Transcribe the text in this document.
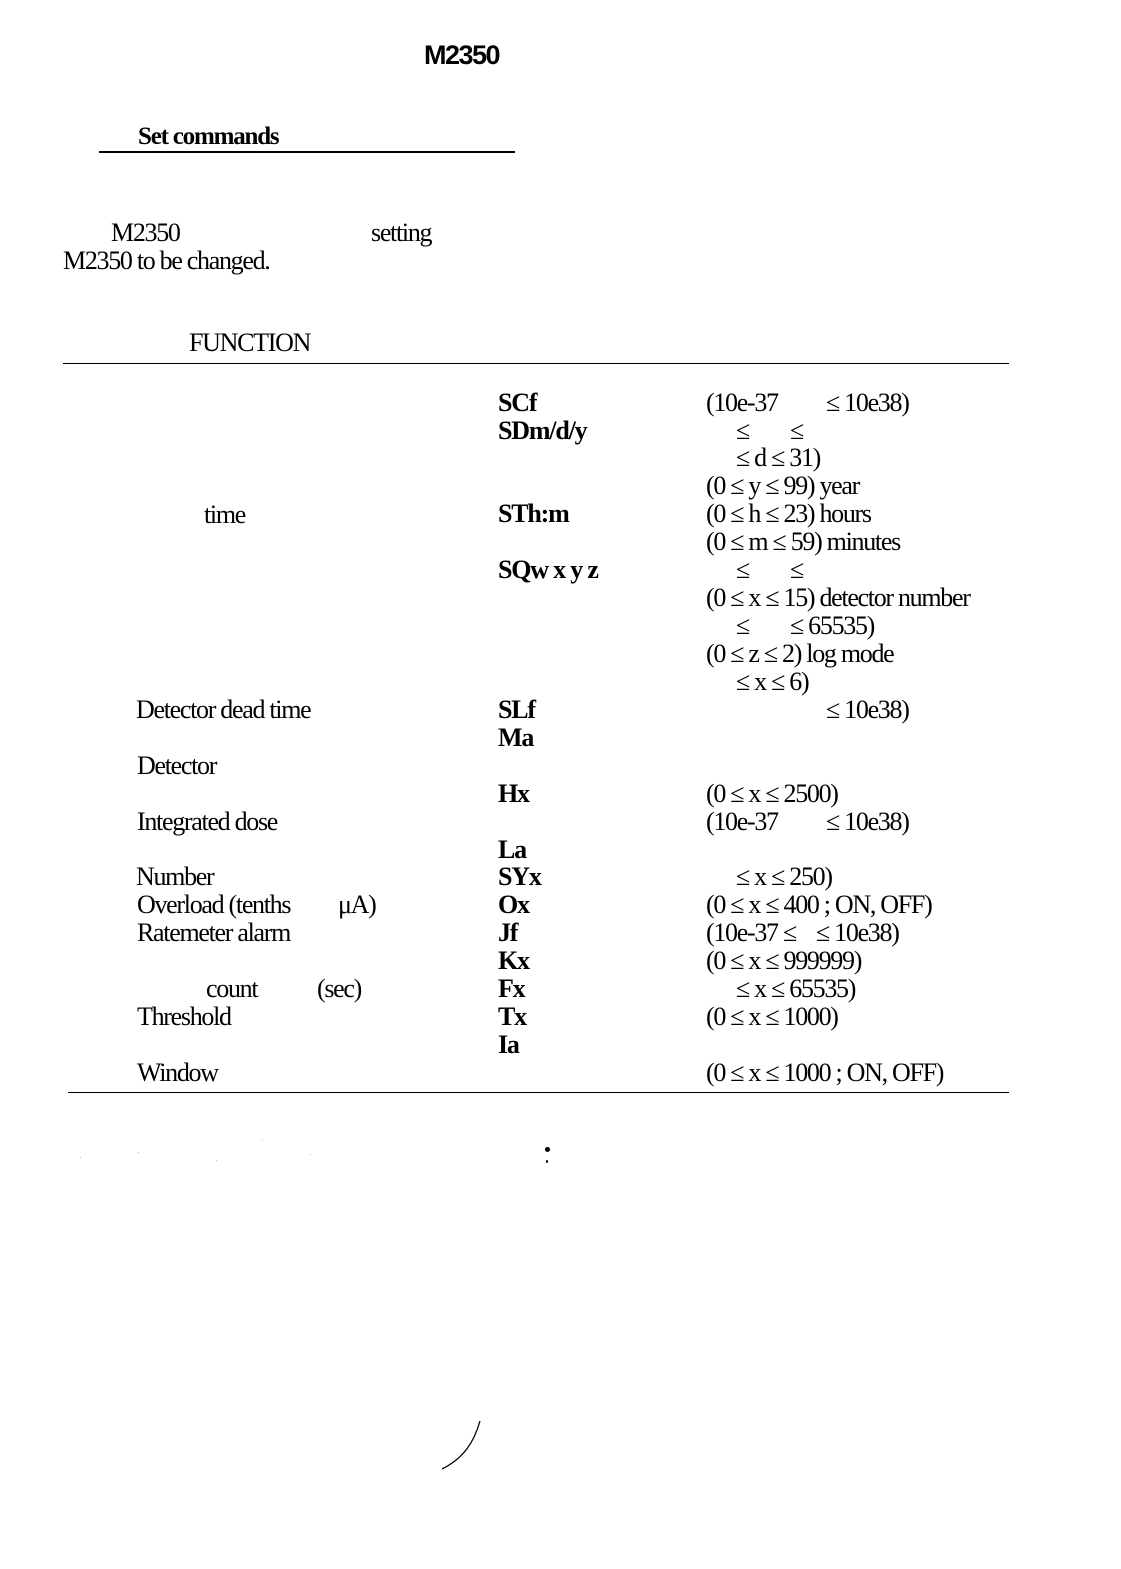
M2350
Set commands
M2350	setting
M2350 to be changed.
FUNCTION
time
Detector dead time
Detector
Integrated dose
Number
Overload (tenths μA)
Ratemeter alarm
count (sec)
Threshold
Window
SCf
SDm/d/y
STh:m
SQw x y z
SLf
Ma
Hx
La
SYx
Ox
Jf
Kx
Fx
Tx
Ia
(10e-37 ≤ 10e38)
≤ ≤
≤ d ≤ 31)
(0 ≤ y ≤ 99) year
(0 ≤ h ≤ 23) hours
(0 ≤ m ≤ 59) minutes
≤ ≤
(0 ≤ x ≤ 15) detector number
≤ ≤ 65535)
(0 ≤ z ≤ 2) log mode
≤ x ≤ 6)
≤ 10e38)
(0 ≤ x ≤ 2500)
(10e-37 ≤ 10e38)
≤ x ≤ 250)
(0 ≤ x ≤ 400 ; ON, OFF)
(10e-37 ≤ ≤ 10e38)
(0 ≤ x ≤ 999999)
≤ x ≤ 65535)
(0 ≤ x ≤ 1000)
(0 ≤ x ≤ 1000 ; ON, OFF)
